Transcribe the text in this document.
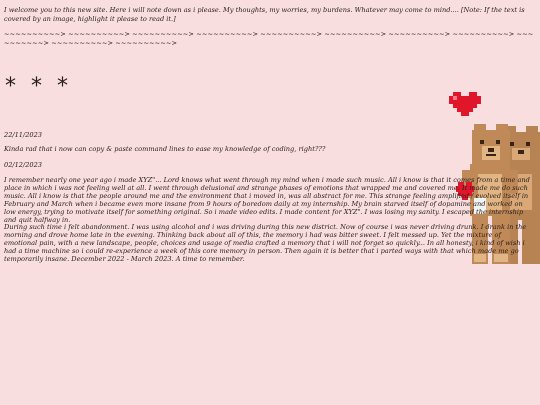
I welcome you to this new site. Here i will note down as i please. My thoughts, my worries, my burdens. Whatever may come to mind.... [Note: If the text is covered by an image, highlight it please to read it.]

~~~~~~~~~~> ~~~~~~~~~~> ~~~~~~~~~~> ~~~~~~~~~~> ~~~~~~~~~~> ~~~~~~~~~~> ~~~~~~~~~~> ~~~~~~~~~~> ~~~~~~~~~~> ~~~~~~~~~~> ~~~~~~~~~~>

* * *

22/11/2023

Kinda rad that i now can copy & paste command lines to ease my knowledge of coding, right???

02/12/2023

I remember nearly one year ago i made XYZ"... Lord knows what went through my mind when i made such music. All i know is that it comes from a time and place in which i was not feeling well at all. I went through delusional and strange phases of emotions that wrapped me and covered me. It made me do such music. All i know is that the people around me and the environment that i moved in, was all abstract for me. This strange feeling amplified / evolved itself in February and March when i became even more insane from 9 hours of boredom daily at my internship. My brain starved itself of dopamine and worked on low energy, trying to motivate itself for something original. So i made video edits. I made content for XYZ". I was losing my sanity. I escaped the internship and quit halfway in.

During such time i felt abandonment. I was using alcohol and i was driving during this new district. Now of course i was never driving drunk. I drank in the morning and drove home late in the evening. Thinking back about all of this, the memory i had was bitter sweet. I felt messed up. Yet the mixture of emotional pain, with a new landscape, people, choices and usage of media crafted a memory that i will not forget so quickly... In all honesty, i kind of wish i had a time machine so i could re-experience a week of this core memory in person. Then again it is better that i parted ways with that which made me go temporarily insane. December 2022 - March 2023. A time to remember.
